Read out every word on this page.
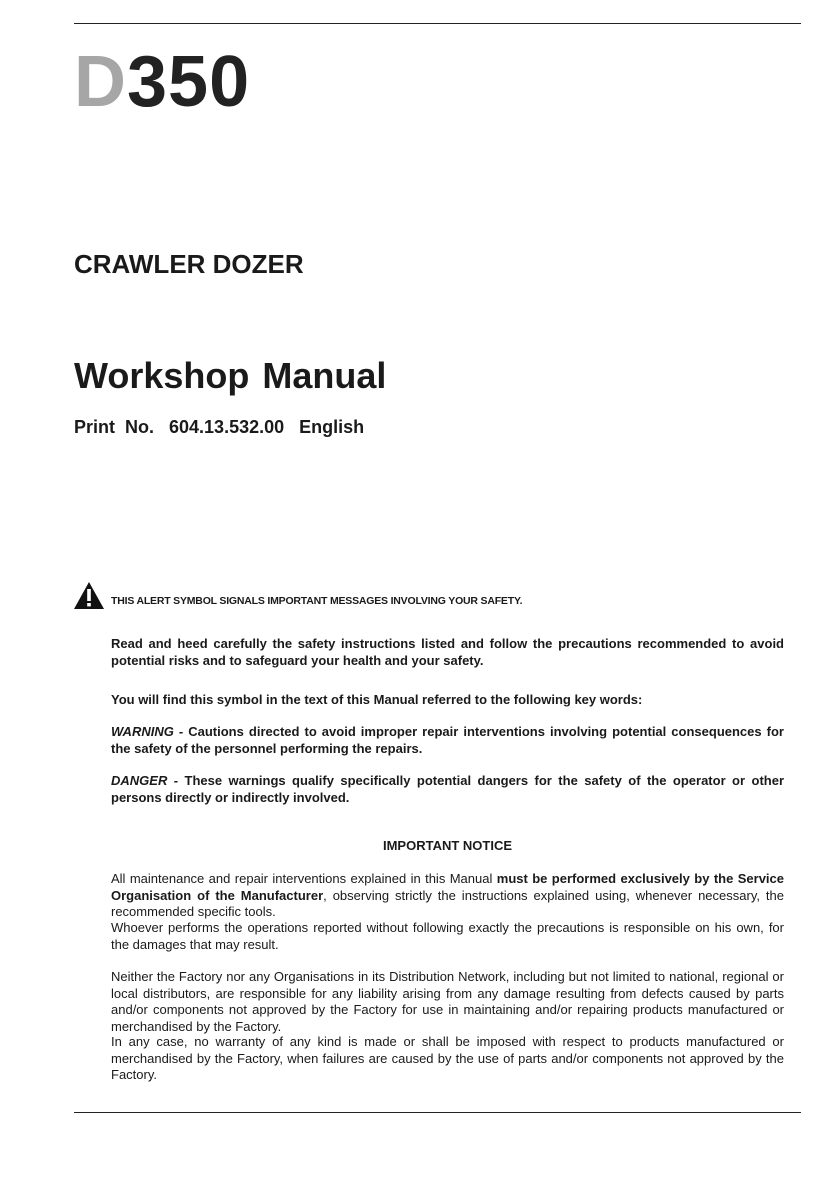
D350
CRAWLER DOZER
Workshop Manual
Print  No. 604.13.532.00 English
THIS ALERT SYMBOL SIGNALS IMPORTANT MESSAGES INVOLVING YOUR SAFETY.
Read and heed carefully the safety instructions listed and follow the precautions recommended to avoid potential risks and to safeguard your health and your safety.
You will find this symbol in the text of this Manual referred to the following key words:
WARNING - Cautions directed to avoid improper repair interventions involving potential consequences for the safety of the personnel performing the repairs.
DANGER - These warnings qualify specifically potential dangers for the safety of the operator or other persons directly or indirectly involved.
IMPORTANT NOTICE
All maintenance and repair interventions explained in this Manual must be performed exclusively by the Service Organisation of the Manufacturer, observing strictly the instructions explained using, whenever necessary, the recommended specific tools.
Whoever performs the operations reported without following exactly the precautions is responsible on his own, for the damages that may result.
Neither the Factory nor any Organisations in its Distribution Network, including but not limited to national, regional or local distributors, are responsible for any liability arising from any damage resulting from defects caused by parts and/or components not approved by the Factory for use in maintaining and/or repairing products manufactured or merchandised by the Factory.
In any case, no warranty of any kind is made or shall be imposed with respect to products manufactured or merchandised by the Factory, when failures are caused by the use of parts and/or components not approved by the Factory.
